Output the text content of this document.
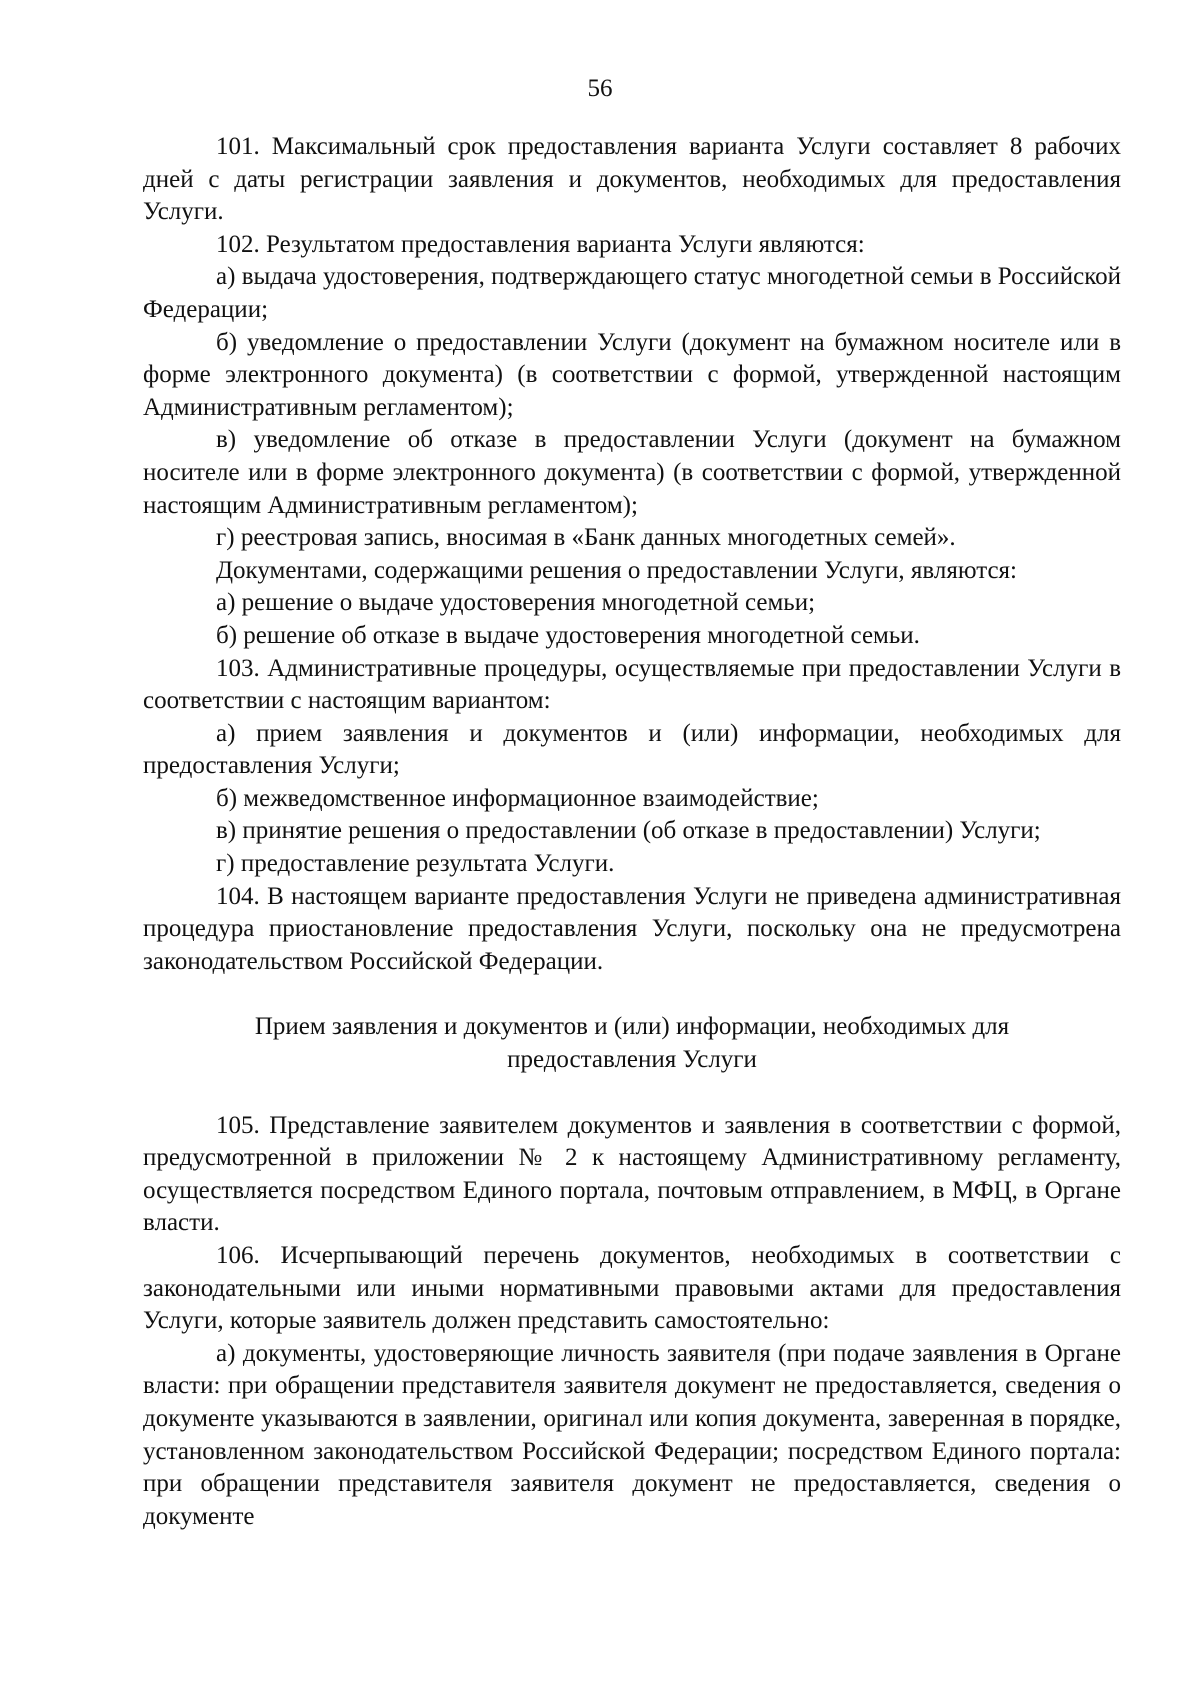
56

101. Максимальный срок предоставления варианта Услуги составляет 8 рабочих дней с даты регистрации заявления и документов, необходимых для предоставления Услуги.

102. Результатом предоставления варианта Услуги являются:

а) выдача удостоверения, подтверждающего статус многодетной семьи в Российской Федерации;

б) уведомление о предоставлении Услуги (документ на бумажном носителе или в форме электронного документа) (в соответствии с формой, утвержденной настоящим Административным регламентом);

в) уведомление об отказе в предоставлении Услуги (документ на бумажном носителе или в форме электронного документа) (в соответствии с формой, утвержденной настоящим Административным регламентом);

г) реестровая запись, вносимая в «Банк данных многодетных семей».

Документами, содержащими решения о предоставлении Услуги, являются:

а) решение о выдаче удостоверения многодетной семьи;

б) решение об отказе в выдаче удостоверения многодетной семьи.

103. Административные процедуры, осуществляемые при предоставлении Услуги в соответствии с настоящим вариантом:

а) прием заявления и документов и (или) информации, необходимых для предоставления Услуги;

б) межведомственное информационное взаимодействие;

в) принятие решения о предоставлении (об отказе в предоставлении) Услуги;

г) предоставление результата Услуги.

104. В настоящем варианте предоставления Услуги не приведена административная процедура приостановление предоставления Услуги, поскольку она не предусмотрена законодательством Российской Федерации.

Прием заявления и документов и (или) информации, необходимых для
предоставления Услуги

105. Представление заявителем документов и заявления в соответствии с формой, предусмотренной в приложении № 2 к настоящему Административному регламенту, осуществляется посредством Единого портала, почтовым отправлением, в МФЦ, в Органе власти.

106. Исчерпывающий перечень документов, необходимых в соответствии с законодательными или иными нормативными правовыми актами для предоставления Услуги, которые заявитель должен представить самостоятельно:

а) документы, удостоверяющие личность заявителя (при подаче заявления в Органе власти: при обращении представителя заявителя документ не предоставляется, сведения о документе указываются в заявлении, оригинал или копия документа, заверенная в порядке, установленном законодательством Российской Федерации; посредством Единого портала: при обращении представителя заявителя документ не предоставляется, сведения о документе
